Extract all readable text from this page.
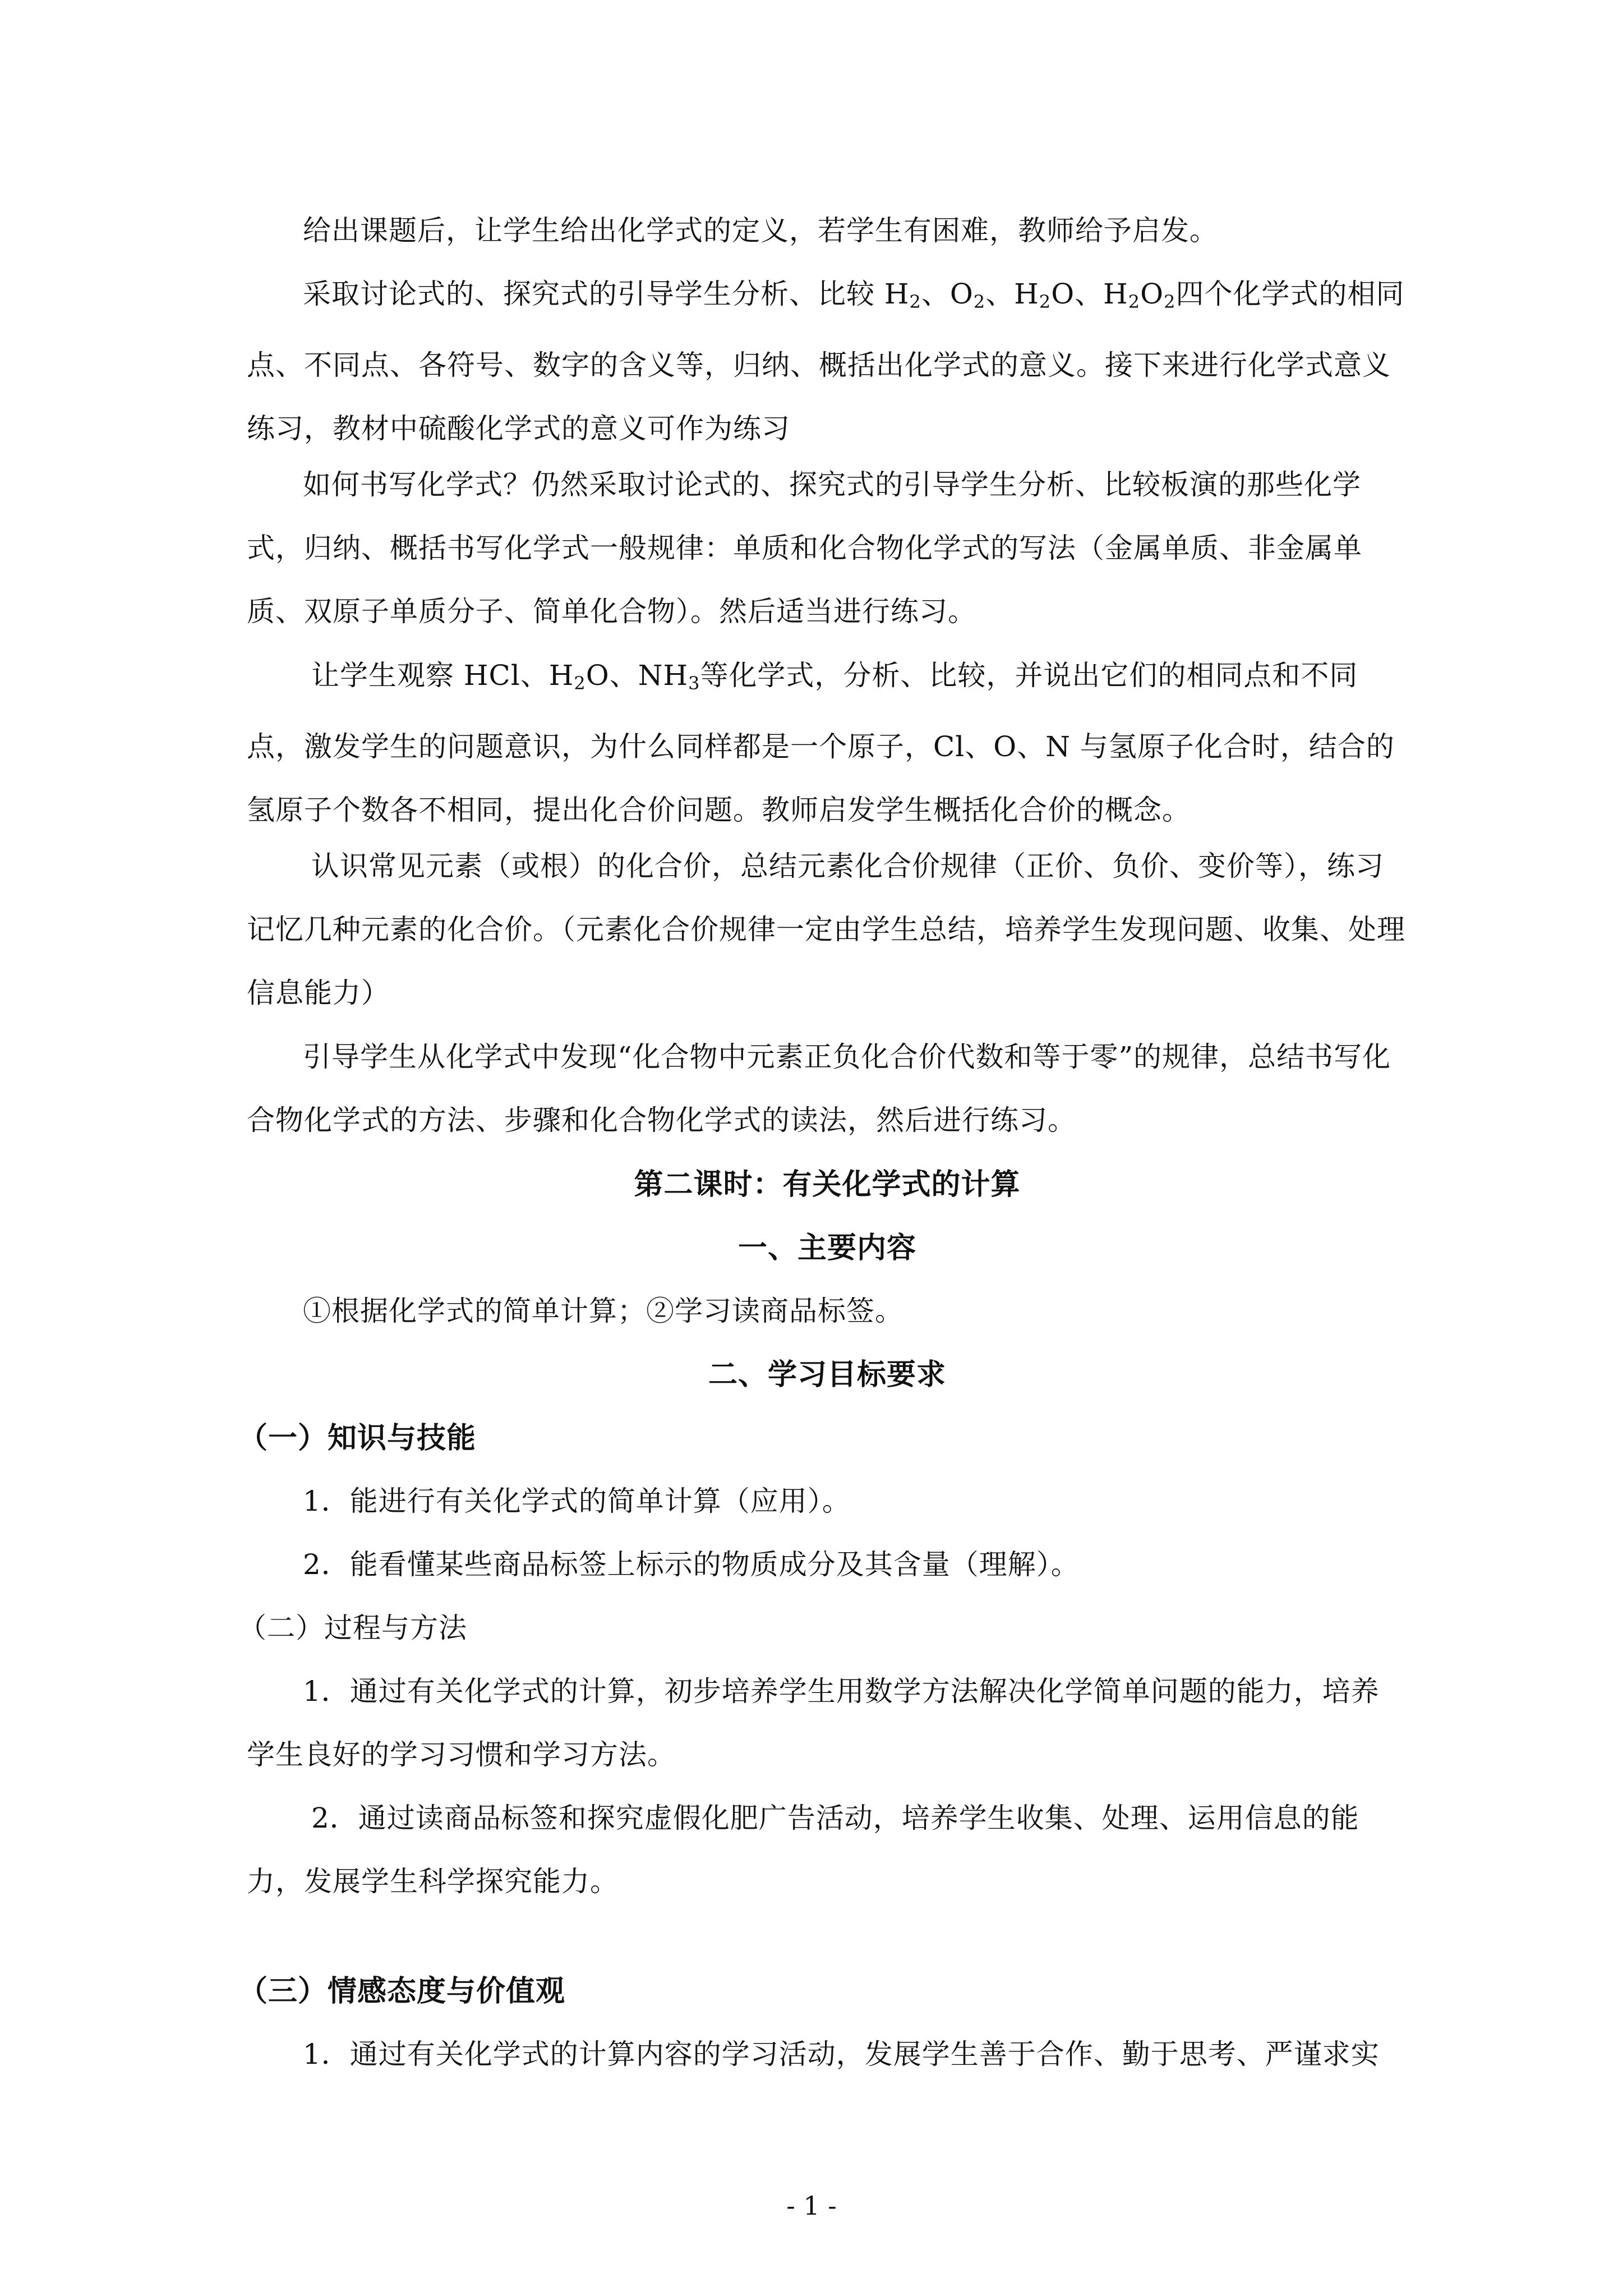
给出课题后，让学生给出化学式的定义，若学生有困难，教师给予启发。

采取讨论式的、探究式的引导学生分析、比较 $H_2$、$O_2$、$H_2O$、$H_2O_2$四个化学式的相同点、不同点、各符号、数字的含义等，归纳、概括出化学式的意义。接下来进行化学式意义练习，教材中硫酸化学式的意义可作为练习

如何书写化学式？仍然采取讨论式的、探究式的引导学生分析、比较板演的那些化学式，归纳、概括书写化学式一般规律：单质和化合物化学式的写法（金属单质、非金属单质、双原子单质分子、简单化合物）。然后适当进行练习。

让学生观察 HCl、$H_2O$、$NH_3$等化学式，分析、比较，并说出它们的相同点和不同点，激发学生的问题意识，为什么同样都是一个原子，Cl、O、N 与氢原子化合时，结合的氢原子个数各不相同，提出化合价问题。教师启发学生概括化合价的概念。

认识常见元素（或根）的化合价，总结元素化合价规律（正价、负价、变价等），练习记忆几种元素的化合价。（元素化合价规律一定由学生总结，培养学生发现问题、收集、处理信息能力）

引导学生从化学式中发现“化合物中元素正负化合价代数和等于零”的规律，总结书写化合物化学式的方法、步骤和化合物化学式的读法，然后进行练习。

第二课时：有关化学式的计算
一、主要内容

①根据化学式的简单计算；②学习读商品标签。

二、学习目标要求
（一）知识与技能

1．能进行有关化学式的简单计算（应用）。

2．能看懂某些商品标签上标示的物质成分及其含量（理解）。

（二）过程与方法

1．通过有关化学式的计算，初步培养学生用数学方法解决化学简单问题的能力，培养学生良好的学习习惯和学习方法。

2．通过读商品标签和探究虚假化肥广告活动，培养学生收集、处理、运用信息的能力，发展学生科学探究能力。

（三）情感态度与价值观

1．通过有关化学式的计算内容的学习活动，发展学生善于合作、勤于思考、严谨求实

- 1 -
